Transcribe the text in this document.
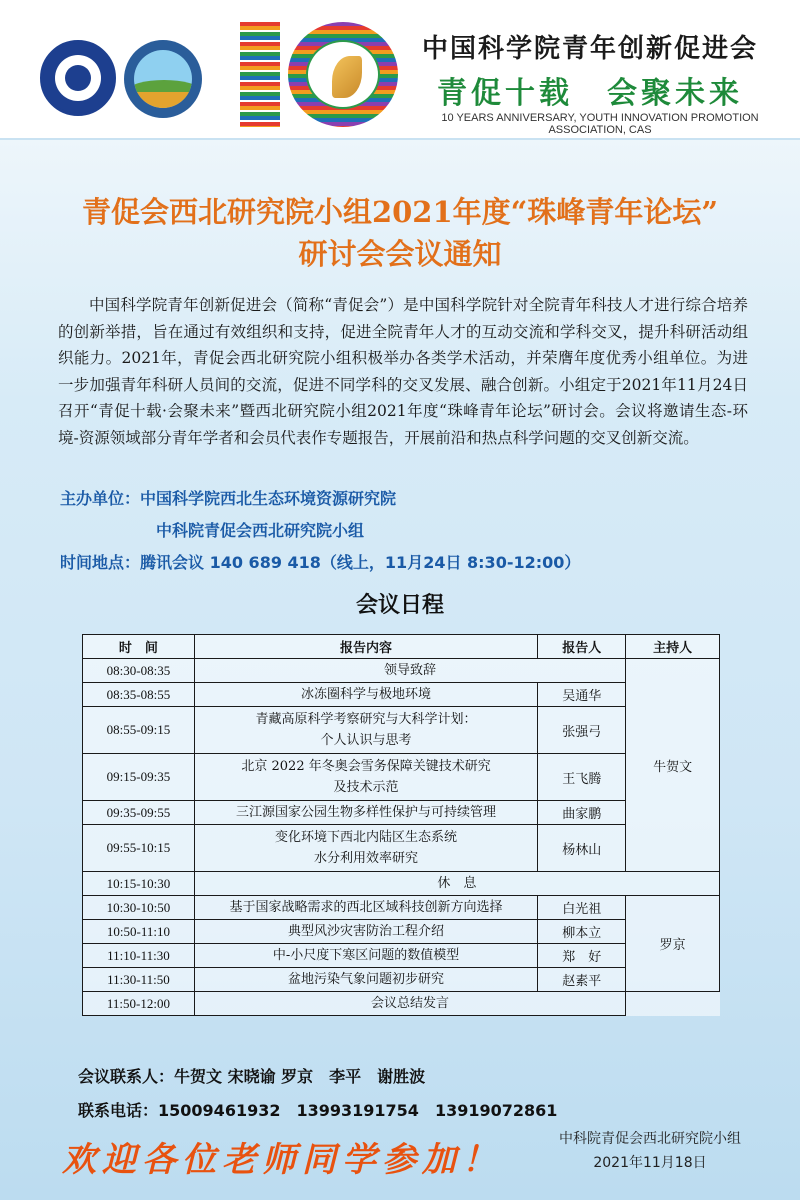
中国科学院青年创新促进会
青促十载　会聚未来
10 YEARS ANNIVERSARY, YOUTH INNOVATION PROMOTION ASSOCIATION, CAS
青促会西北研究院小组2021年度“珠峰青年论坛”
研讨会会议通知
中国科学院青年创新促进会（简称“青促会”）是中国科学院针对全院青年科技人才进行综合培养的创新举措，旨在通过有效组织和支持，促进全院青年人才的互动交流和学科交叉，提升科研活动组织能力。2021年，青促会西北研究院小组积极举办各类学术活动，并荣膺年度优秀小组单位。为进一步加强青年科研人员间的交流，促进不同学科的交叉发展、融合创新。小组定于2021年11月24日召开“青促十载·会聚未来”暨西北研究院小组2021年度“珠峰青年论坛”研讨会。会议将邀请生态-环境-资源领域部分青年学者和会员代表作专题报告，开展前沿和热点科学问题的交叉创新交流。
主办单位：中国科学院西北生态环境资源研究院
中科院青促会西北研究院小组
时间地点：腾讯会议 140 689 418（线上，11月24日 8:30-12:00）
会议日程
时　间	报告内容	报告人	主持人
08:30-08:35	领导致辞		牛贺文
08:35-08:55	冰冻圈科学与极地环境	吴通华	
08:55-09:15	青藏高原科学考察研究与大科学计划：
个人认识与思考	张强弓	
09:15-09:35	北京 2022 年冬奥会雪务保障关键技术研究
及技术示范	王飞腾	
09:35-09:55	三江源国家公园生物多样性保护与可持续管理	曲家鹏	
09:55-10:15	变化环境下西北内陆区生态系统
水分利用效率研究	杨林山	
10:15-10:30	休　息		

10:30-10:50	基于国家战略需求的西北区域科技创新方向选择	白光祖	罗京
10:50-11:10	典型风沙灾害防治工程介绍	柳本立	
11:10-11:30	中-小尺度下寒区问题的数值模型	郑　好	
11:30-11:50	盆地污染气象问题初步研究	赵素平	
11:50-12:00	会议总结发言		
会议联系人：牛贺文 宋晓谕 罗京　李平　谢胜波
联系电话：15009461932　13993191754　13919072861
欢迎各位老师同学参加！
中科院青促会西北研究院小组
2021年11月18日
